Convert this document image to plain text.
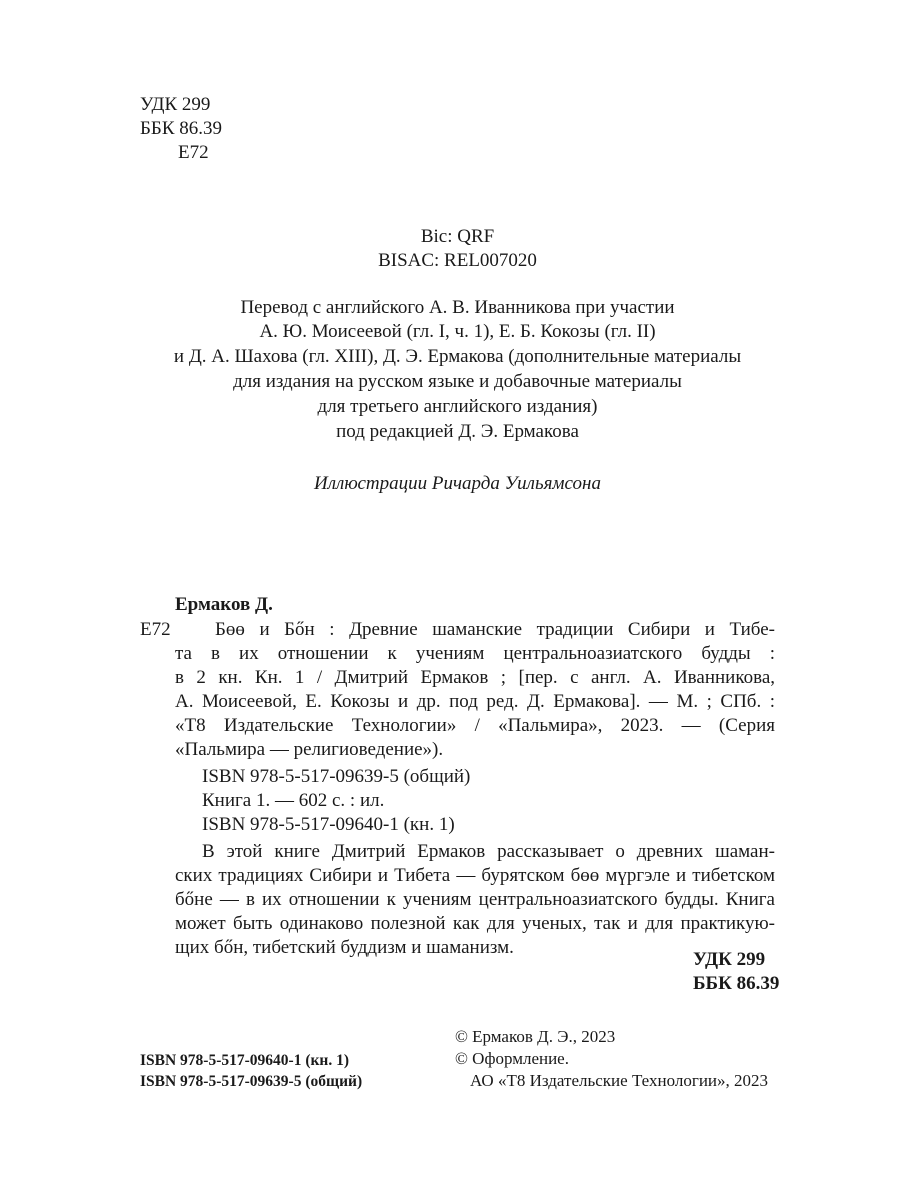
УДК 299
ББК 86.39
Е72
Bic: QRF
BISAC: REL007020
Перевод с английского А. В. Иванникова при участии
А. Ю. Моисеевой (гл. I, ч. 1), Е. Б. Кокозы (гл. II)
и Д. А. Шахова (гл. XIII), Д. Э. Ермакова (дополнительные материалы
для издания на русском языке и добавочные материалы
для третьего английского издания)
под редакцией Д. Э. Ермакова
Иллюстрации Ричарда Уильямсона
Ермаков Д.
Е72 Бөө и Бőн : Древние шаманские традиции Сибири и Тибе-
та в их отношении к учениям центральноазиатского будды :
в 2 кн. Кн. 1 / Дмитрий Ермаков ; [пер. с англ. А. Иванникова,
А. Моисеевой, Е. Кокозы и др. под ред. Д. Ермакова]. — М. ; СПб. :
«Т8 Издательские Технологии» / «Пальмира», 2023. — (Серия
«Пальмира — религиоведение»).
ISBN 978-5-517-09639-5 (общий)
Книга 1. — 602 с. : ил.
ISBN 978-5-517-09640-1 (кн. 1)
В этой книге Дмитрий Ермаков рассказывает о древних шаман-
ских традициях Сибири и Тибета — бурятском бөө мүргэле и тибетском
бőне — в их отношении к учениям центральноазиатского будды. Книга
может быть одинаково полезной как для ученых, так и для практикую-
щих бőн, тибетский буддизм и шаманизм.
УДК 299
ББК 86.39
ISBN 978-5-517-09640-1 (кн. 1)
ISBN 978-5-517-09639-5 (общий)
© Ермаков Д. Э., 2023
© Оформление.
АО «Т8 Издательские Технологии», 2023
